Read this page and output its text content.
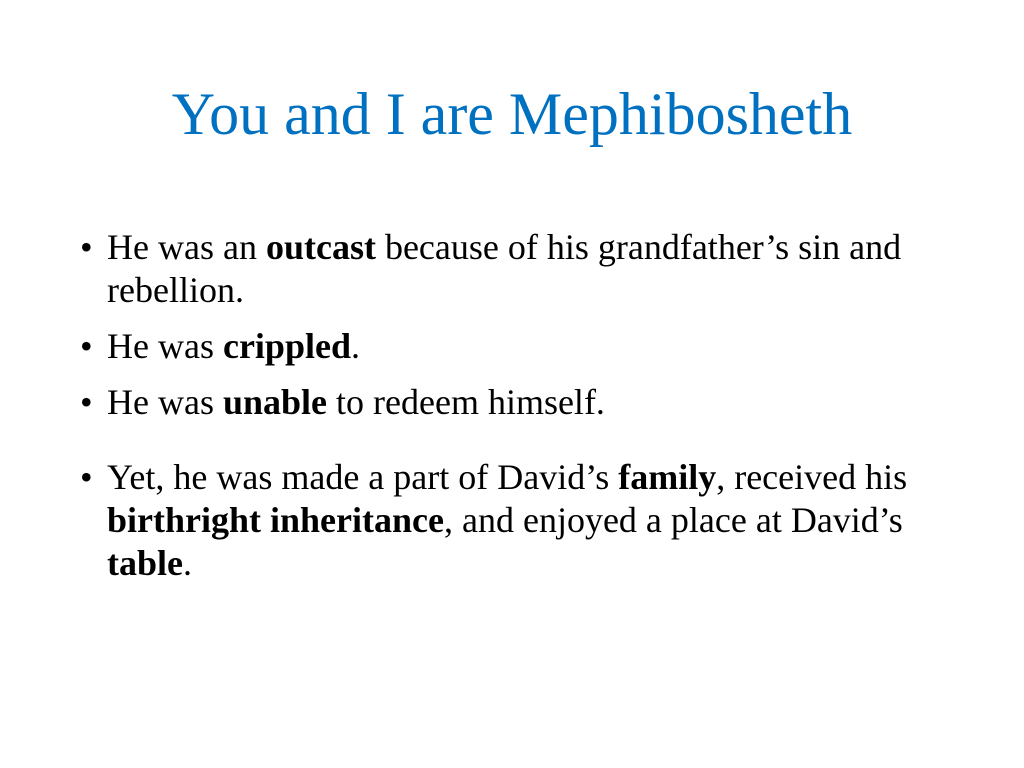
You and I are Mephibosheth
• He was an outcast because of his grandfather’s sin and rebellion.
• He was crippled.
• He was unable to redeem himself.
• Yet, he was made a part of David’s family, received his birthright inheritance, and enjoyed a place at David’s table.
